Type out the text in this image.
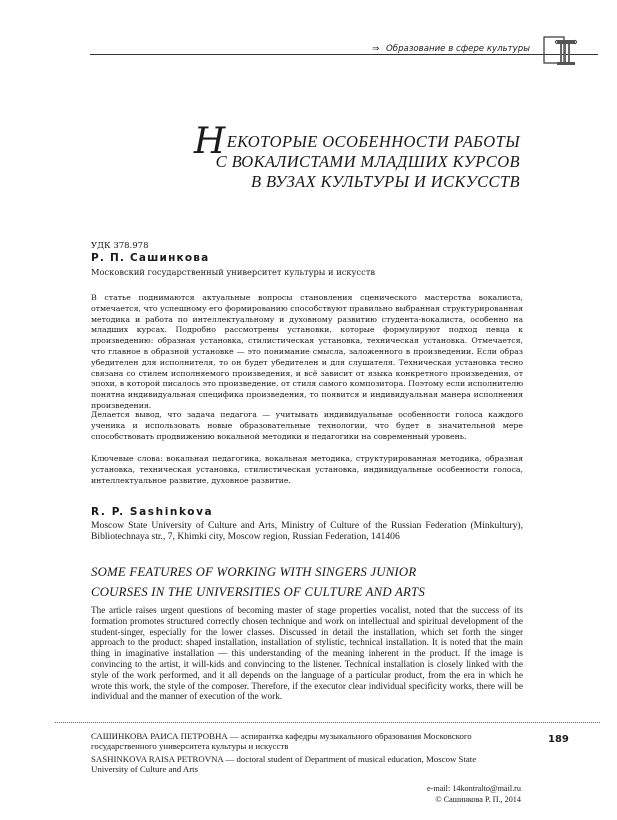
⇒ Образование в сфере культуры
НЕКОТОРЫЕ ОСОБЕННОСТИ РАБОТЫ
С ВОКАЛИСТАМИ МЛАДШИХ КУРСОВ
В ВУЗАХ КУЛЬТУРЫ И ИСКУССТВ
УДК 378.978
Р. П. Сашинкова
Московский государственный университет культуры и искусств
В статье поднимаются актуальные вопросы становления сценического мастерства вокалиста, отмечается, что успешному его формированию способствуют правильно выбранная структурированная методика и работа по интеллектуальному и духовному развитию студента-вокалиста, особенно на младших курсах. Подробно рассмотрены установки, которые формулируют подход певца к произведению: образная установка, стилистическая установка, техническая установка. Отмечается, что главное в образной установке — это понимание смысла, заложенного в произведении. Если образ убедителен для исполнителя, то он будет убедителен и для слушателя. Техническая установка тесно связана со стилем исполняемого произведения, и всё зависит от языка конкретного произведения, от эпохи, в которой писалось это произведение, от стиля самого композитора. Поэтому если исполнителю понятна индивидуальная специфика произведения, то появится и индивидуальная манера исполнения произведения.
Делается вывод, что задача педагога — учитывать индивидуальные особенности голоса каждого ученика и использовать новые образовательные технологии, что будет в значительной мере способствовать продвижению вокальной методики и педагогики на современный уровень.
Ключевые слова: вокальная педагогика, вокальная методика, структурированная методика, образная установка, техническая установка, стилистическая установка, индивидуальные особенности голоса, интеллектуальное развитие, духовное развитие.
R. P. Sashinkova
Moscow State University of Culture and Arts, Ministry of Culture of the Russian Federation (Minkultury), Bibliotechnaya str., 7, Khimki city, Moscow region, Russian Federation, 141406
SOME FEATURES OF WORKING WITH SINGERS JUNIOR
COURSES IN THE UNIVERSITIES OF CULTURE AND ARTS
The article raises urgent questions of becoming master of stage properties vocalist, noted that the success of its formation promotes structured correctly chosen technique and work on intellectual and spiritual development of the student-singer, especially for the lower classes. Discussed in detail the installation, which set forth the singer approach to the product: shaped installation, installation of stylistic, technical installation. It is noted that the main thing in imaginative installation — this understanding of the meaning inherent in the product. If the image is convincing to the artist, it will-kids and convincing to the listener. Technical installation is closely linked with the style of the work performed, and it all depends on the language of a particular product, from the era in which he wrote this work, the style of the composer. Therefore, if the executor clear individual specificity works, there will be individual and the manner of execution of the work.
САШИНКОВА РАИСА ПЕТРОВНА — аспирантка кафедры музыкального образования Московского государственного университета культуры и искусств
SASHINKOVA RAISA PETROVNA — doctoral student of Department of musical education, Moscow State University of Culture and Arts
189
e-mail: 14kontralto@mail.ru
© Сашинкова Р. П., 2014
